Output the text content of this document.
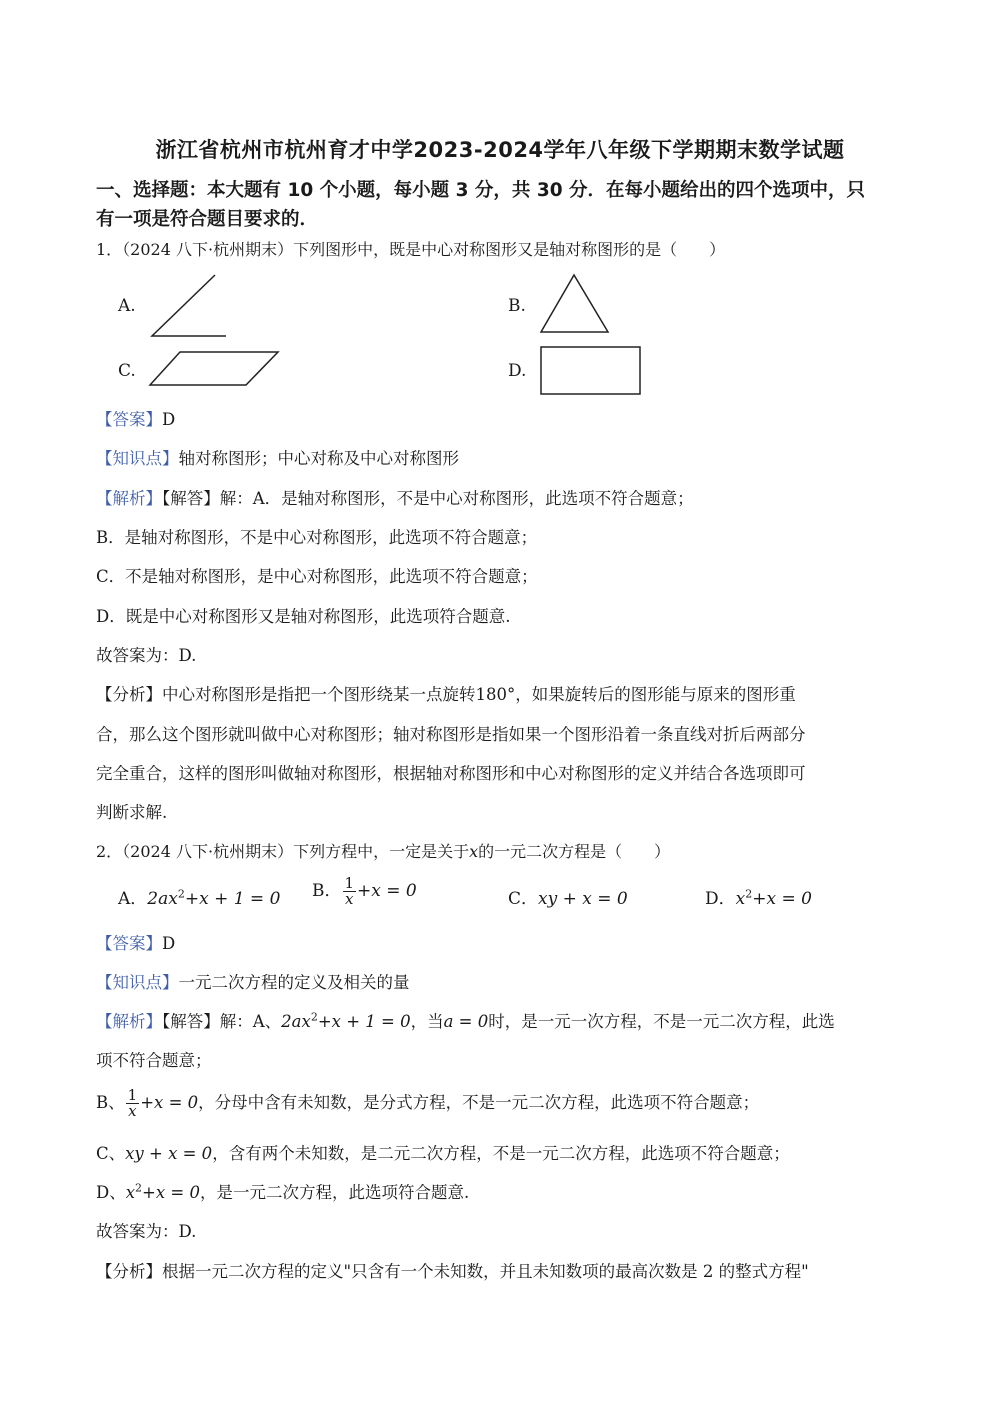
浙江省杭州市杭州育才中学2023-2024学年八年级下学期期末数学试题
一、选择题：本大题有 10 个小题，每小题 3 分，共 30 分．在每小题给出的四个选项中，只
有一项是符合题目要求的．
1．（2024 八下·杭州期末）下列图形中，既是中心对称图形又是轴对称图形的是（　　）
A.	B.
C.	D.
【答案】D
【知识点】轴对称图形；中心对称及中心对称图形
【解析】【解答】解：A．是轴对称图形，不是中心对称图形，此选项不符合题意；
B．是轴对称图形，不是中心对称图形，此选项不符合题意；
C．不是轴对称图形，是中心对称图形，此选项不符合题意；
D．既是中心对称图形又是轴对称图形，此选项符合题意.
故答案为：D.
【分析】中心对称图形是指把一个图形绕某一点旋转180°，如果旋转后的图形能与原来的图形重
合，那么这个图形就叫做中心对称图形；轴对称图形是指如果一个图形沿着一条直线对折后两部分
完全重合，这样的图形叫做轴对称图形，根据轴对称图形和中心对称图形的定义并结合各选项即可
判断求解.
2．（2024 八下·杭州期末）下列方程中，一定是关于x的一元二次方程是（　　）
A．$2ax^2+x + 1 = 0$ B． $\frac{1}{x} +x = 0$	C．xy + x = 0	D．$x^2+x = 0$
【答案】D
【知识点】一元二次方程的定义及相关的量
【解析】【解答】解：A、$2ax^2+x + 1 = 0$，当a = 0时，是一元一次方程，不是一元二次方程，此选
项不符合题意；
B、 $\frac{1}{x} +x = 0$，分母中含有未知数，是分式方程，不是一元二次方程，此选项不符合题意；
C、xy + x = 0，含有两个未知数，是二元二次方程，不是一元二次方程，此选项不符合题意；
D、$x^2+x = 0$，是一元二次方程，此选项符合题意.
故答案为：D.
【分析】根据一元二次方程的定义"只含有一个未知数，并且未知数项的最高次数是 2 的整式方程"
